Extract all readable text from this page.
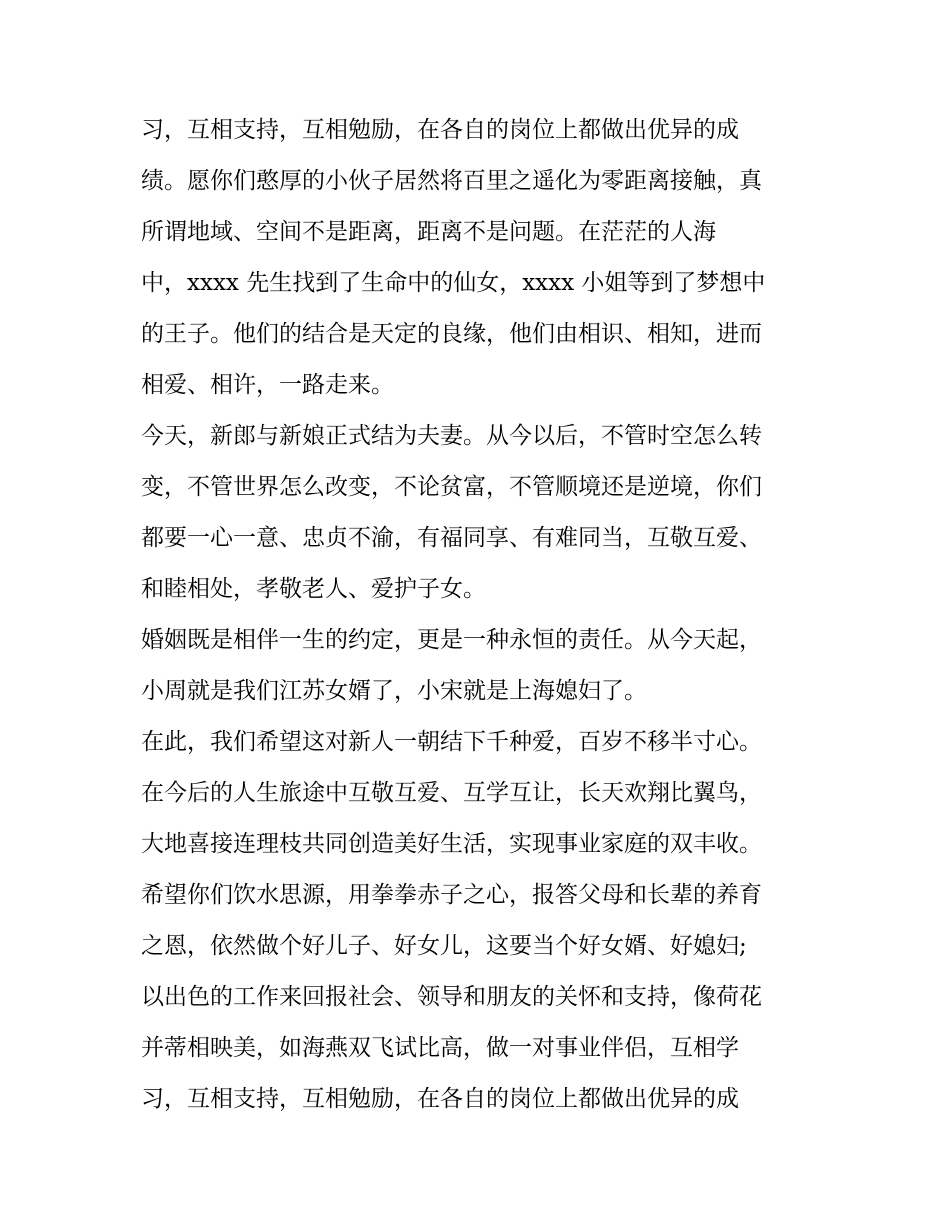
习，互相支持，互相勉励，在各自的岗位上都做出优异的成
绩。愿你们憨厚的小伙子居然将百里之遥化为零距离接触，真
所谓地域、空间不是距离，距离不是问题。在茫茫的人海
中，xxxx 先生找到了生命中的仙女，xxxx 小姐等到了梦想中
的王子。他们的结合是天定的良缘，他们由相识、相知，进而
相爱、相许，一路走来。
今天，新郎与新娘正式结为夫妻。从今以后，不管时空怎么转
变，不管世界怎么改变，不论贫富，不管顺境还是逆境，你们
都要一心一意、忠贞不渝，有福同享、有难同当，互敬互爱、
和睦相处，孝敬老人、爱护子女。
婚姻既是相伴一生的约定，更是一种永恒的责任。从今天起，
小周就是我们江苏女婿了，小宋就是上海媳妇了。
在此，我们希望这对新人一朝结下千种爱，百岁不移半寸心。
在今后的人生旅途中互敬互爱、互学互让，长天欢翔比翼鸟，
大地喜接连理枝共同创造美好生活，实现事业家庭的双丰收。
希望你们饮水思源，用拳拳赤子之心，报答父母和长辈的养育
之恩，依然做个好儿子、好女儿，这要当个好女婿、好媳妇;
以出色的工作来回报社会、领导和朋友的关怀和支持，像荷花
并蒂相映美，如海燕双飞试比高，做一对事业伴侣，互相学
习，互相支持，互相勉励，在各自的岗位上都做出优异的成
